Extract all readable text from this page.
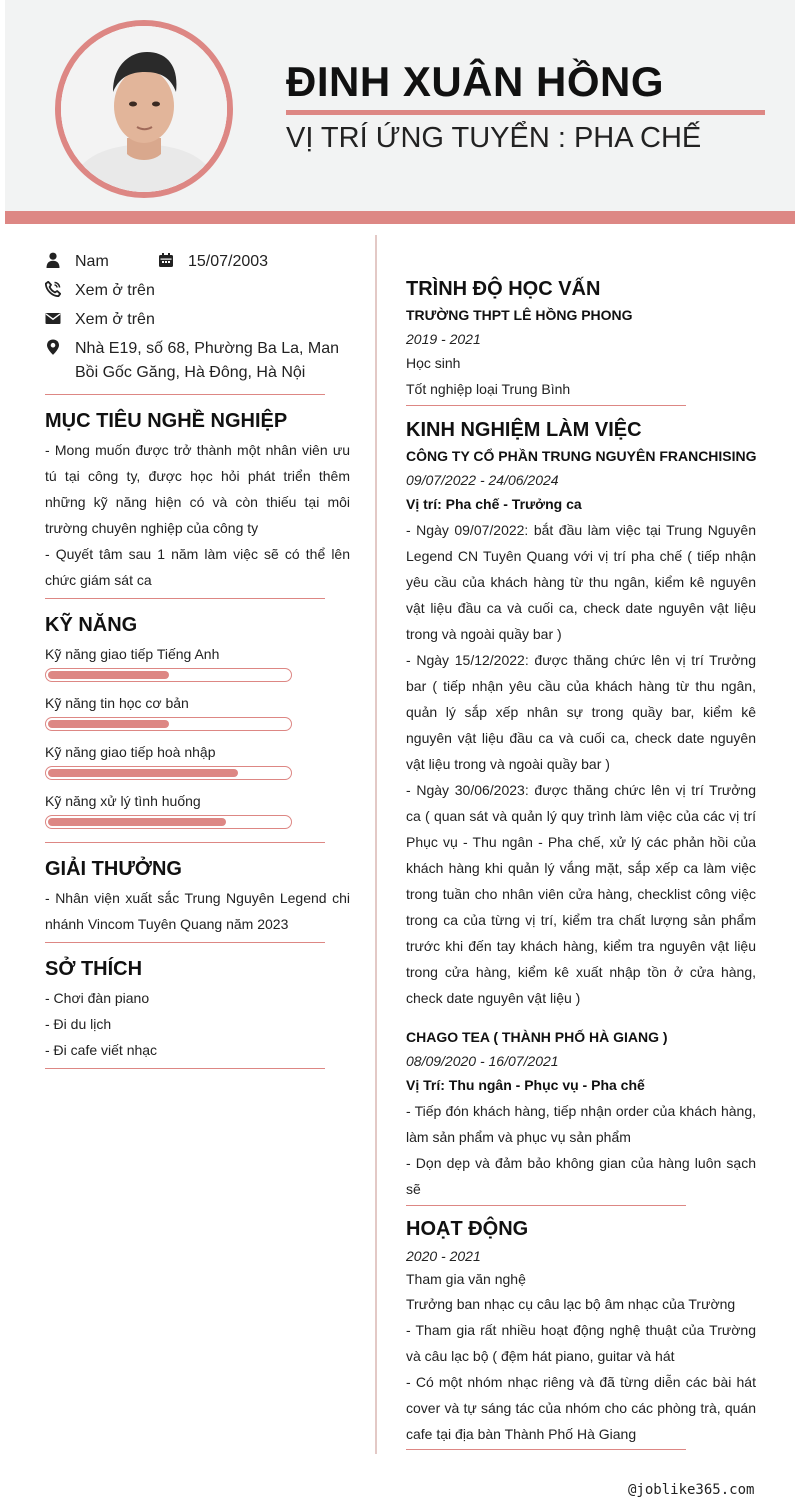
ĐINH XUÂN HỒNG
VỊ TRÍ ỨNG TUYỂN : PHA CHẾ
Nam	15/07/2003
Xem ở trên
Xem ở trên
Nhà E19, số 68, Phường Ba La, Man Bồi Gốc Găng, Hà Đông, Hà Nội
MỤC TIÊU NGHỀ NGHIỆP

- Mong muốn được trở thành một nhân viên ưu tú tại công ty, được học hỏi phát triển thêm những kỹ năng hiện có và còn thiếu tại môi trường chuyên nghiệp của công ty

- Quyết tâm sau 1 năm làm việc sẽ có thể lên chức giám sát ca

KỸ NĂNG
Kỹ năng giao tiếp Tiếng Anh
Kỹ năng tin học cơ bản
Kỹ năng giao tiếp hoà nhập
Kỹ năng xử lý tình huống
GIẢI THƯỞNG
- Nhân viện xuất sắc Trung Nguyên Legend chi nhánh Vincom Tuyên Quang năm 2023
SỞ THÍCH

- Chơi đàn piano

- Đi du lịch

- Đi cafe viết nhạc

TRÌNH ĐỘ HỌC VẤN
TRƯỜNG THPT LÊ HỒNG PHONG
2019 - 2021
Học sinh
Tốt nghiệp loại Trung Bình
KINH NGHIỆM LÀM VIỆC
CÔNG TY CỔ PHẦN TRUNG NGUYÊN FRANCHISING
09/07/2022 - 24/06/2024
Vị trí: Pha chế - Trưởng ca

- Ngày 09/07/2022: bắt đầu làm việc tại Trung Nguyên Legend CN Tuyên Quang với vị trí pha chế ( tiếp nhận yêu cầu của khách hàng từ thu ngân, kiểm kê nguyên vật liệu đầu ca và cuối ca, check date nguyên vật liệu trong và ngoài quầy bar )

- Ngày 15/12/2022: được thăng chức lên vị trí Trưởng bar ( tiếp nhận yêu cầu của khách hàng từ thu ngân, quản lý sắp xếp nhân sự trong quầy bar, kiểm kê nguyên vật liệu đầu ca và cuối ca, check date nguyên vật liệu trong và ngoài quầy bar )

- Ngày 30/06/2023: được thăng chức lên vị trí Trưởng ca ( quan sát và quản lý quy trình làm việc của các vị trí Phục vụ - Thu ngân - Pha chế, xử lý các phản hồi của khách hàng khi quản lý vắng mặt, sắp xếp ca làm việc trong tuần cho nhân viên cửa hàng, checklist công việc trong ca của từng vị trí, kiểm tra chất lượng sản phẩm trước khi đến tay khách hàng, kiểm tra nguyên vật liệu trong cửa hàng, kiểm kê xuất nhập tồn ở cửa hàng, check date nguyên vật liệu )

CHAGO TEA ( THÀNH PHỐ HÀ GIANG )
08/09/2020 - 16/07/2021
Vị Trí: Thu ngân - Phục vụ - Pha chế

- Tiếp đón khách hàng, tiếp nhận order của khách hàng, làm sản phẩm và phục vụ sản phẩm

- Dọn dẹp và đảm bảo không gian của hàng luôn sạch sẽ

HOẠT ĐỘNG
2020 - 2021
Tham gia văn nghệ
Trưởng ban nhạc cụ câu lạc bộ âm nhạc của Trường

- Tham gia rất nhiều hoạt động nghệ thuật của Trường và câu lạc bộ ( đệm hát piano, guitar và hát

- Có một nhóm nhạc riêng và đã từng diễn các bài hát cover và tự sáng tác của nhóm cho các phòng trà, quán cafe tại địa bàn Thành Phố Hà Giang

@joblike365.com
